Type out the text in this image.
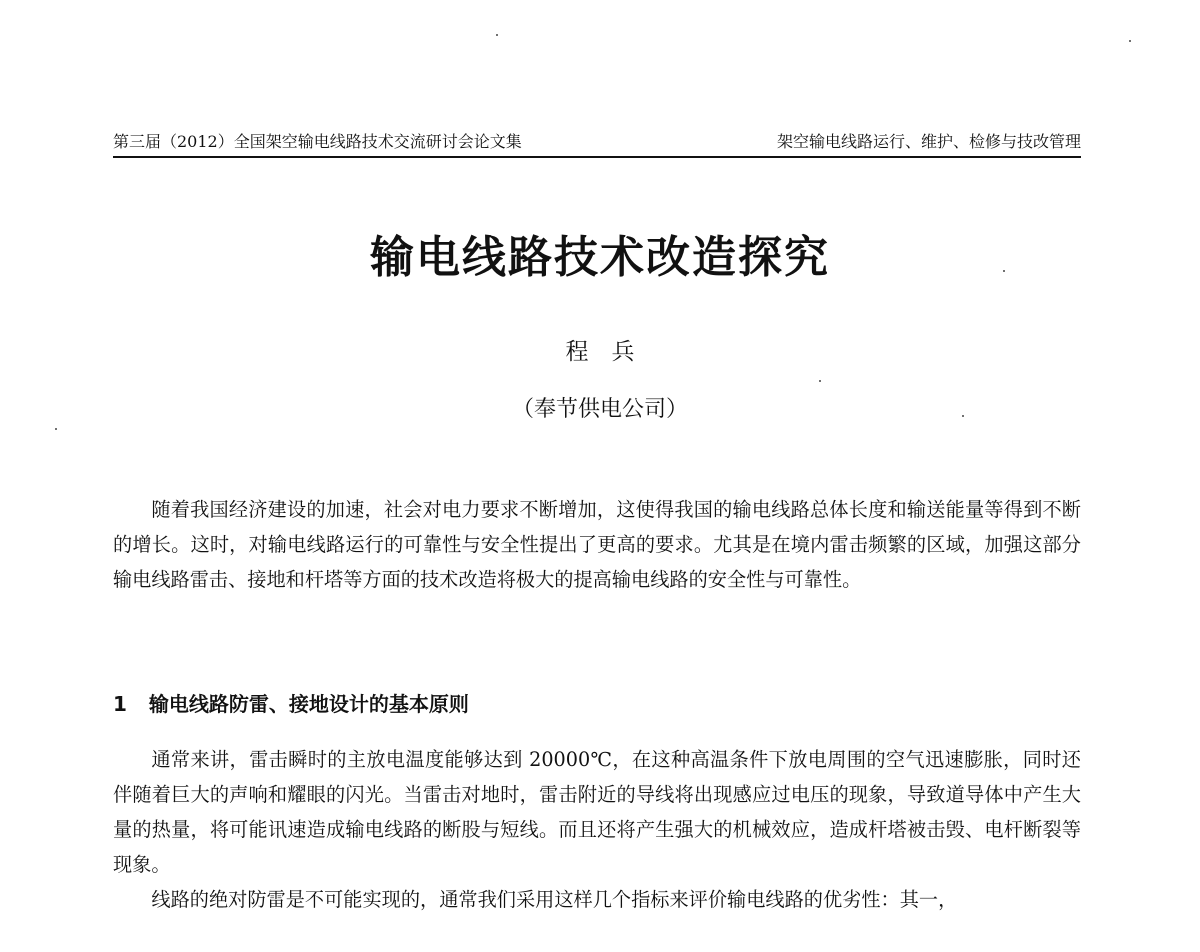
第三届（2012）全国架空输电线路技术交流研讨会论文集	架空输电线路运行、维护、检修与技改管理
输电线路技术改造探究
程　兵
（奉节供电公司）

随着我国经济建设的加速，社会对电力要求不断增加，这使得我国的输电线路总体长度和输送能量等得到不断的增长。这时，对输电线路运行的可靠性与安全性提出了更高的要求。尤其是在境内雷击频繁的区域，加强这部分输电线路雷击、接地和杆塔等方面的技术改造将极大的提高输电线路的安全性与可靠性。

1 输电线路防雷、接地设计的基本原则

通常来讲，雷击瞬时的主放电温度能够达到 20000℃，在这种高温条件下放电周围的空气迅速膨胀，同时还伴随着巨大的声响和耀眼的闪光。当雷击对地时，雷击附近的导线将出现感应过电压的现象，导致道导体中产生大量的热量，将可能讯速造成输电线路的断股与短线。而且还将产生强大的机械效应，造成杆塔被击毁、电杆断裂等现象。

线路的绝对防雷是不可能实现的，通常我们采用这样几个指标来评价输电线路的优劣性：其一，
